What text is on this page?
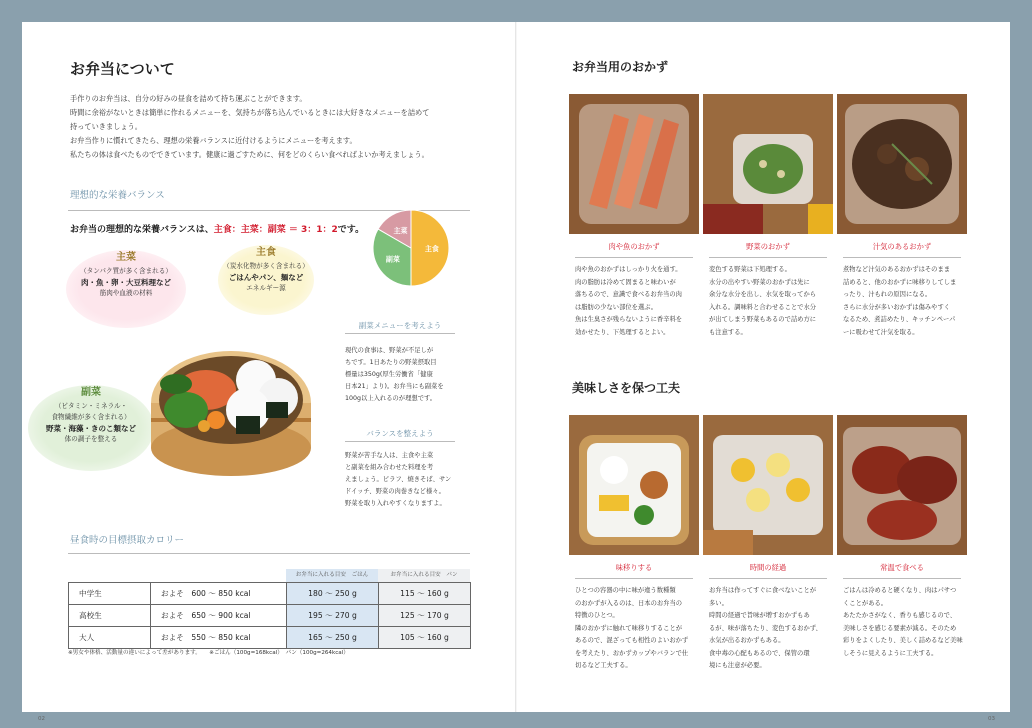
お弁当について
手作りのお弁当は、自分の好みの昼食を詰めて持ち運ぶことができます。
時間に余裕がないときは簡単に作れるメニューを、気持ちが落ち込んでいるときには大好きなメニューを詰めて
持っていきましょう。
お弁当作りに慣れてきたら、理想の栄養バランスに近付けるようにメニューを考えます。
私たちの体は食べたものでできています。健康に過ごすために、何をどのくらい食べればよいか考えましょう。
理想的な栄養バランス
お弁当の理想的な栄養バランスは、主食：主菜：副菜 ＝ 3：1：2です。
主菜
（タンパク質が多く含まれる）
肉・魚・卵・大豆料理など
筋肉や血液の材料
主食
（炭水化物が多く含まれる）
ごはんやパン、麺など
エネルギー源
副菜
（ビタミン・ミネラル・
食物繊維が多く含まれる）
野菜・海藻・きのこ類など
体の調子を整える
主食
主菜
副菜
副菜メニューを考えよう
現代の食事は、野菜が不足しが
ちです。1日あたりの野菜摂取目
標量は350g(厚生労働省「健康
日本21」より)。お弁当にも副菜を
100g以上入れるのが理想です。
バランスを整えよう
野菜が苦手な人は、主食や主菜
と副菜を組み合わせた料理を考
えましょう。ピラフ、焼きそば、サン
ドイッチ、野菜の肉巻きなど様々。
野菜を取り入れやすくなりますよ。
昼食時の目標摂取カロリー
お弁当に入れる目安　ごはん	お弁当に入れる目安　パン
中学生	およそ　600 ～ 850 kcal	180 ～ 250 g	115 ～ 160 g
高校生	およそ　650 ～ 900 kcal	195 ～ 270 g	125 ～ 170 g
大人	およそ　550 ～ 850 kcal	165 ～ 250 g	105 ～ 160 g
※男女や体格、活動量の違いによって差があります。　　※ごはん（100g=168kcal）　パン（100g=264kcal）
02
お弁当用のおかず
肉や魚のおかず
肉や魚のおかずはしっかり火を通す。
肉の脂肪は冷めて固まると味わいが
落ちるので、意識で食べるお弁当の肉
は脂肪の少ない部位を選ぶ。
魚は生臭さが残らないように香辛料を
効かせたり、下処理するとよい。
野菜のおかず
変色する野菜は下処理する。
水分の出やすい野菜のおかずは先に
余分な水分を出し、水気を取ってから
入れる。調味料と合わせることで水分
が出てしまう野菜もあるので詰め方に
も注意する。
汁気のあるおかず
煮物など汁気のあるおかずはそのまま
詰めると、他のおかずに味移りしてしま
ったり、汁もれの原因になる。
さらに水分が多いおかずは傷みやすく
なるため、煮詰めたり、キッチンペーパ
ーに吸わせて汁気を取る。
美味しさを保つ工夫
味移りする
ひとつの容器の中に味が違う数種類
のおかずが入るのは、日本のお弁当の
特徴のひとつ。
隣のおかずに触れて味移りすることが
あるので、混ざっても相性のよいおかず
を考えたり、おかずカップやバランで仕
切るなど工夫する。
時間の経過
お弁当は作ってすぐに食べないことが
多い。
時間の経過で旨味が増すおかずもあ
るが、味が落ちたり、変色するおかず、
水気が出るおかずもある。
食中毒の心配もあるので、保管の環
境にも注意が必要。
常温で食べる
ごはんは冷めると硬くなり、肉はパサつ
くことがある。
あたたかさがなく、香りも感じるので、
美味しさを感じる要素が減る。そのため
彩りをよくしたり、美しく詰めるなど美味
しそうに見えるように工夫する。
03
